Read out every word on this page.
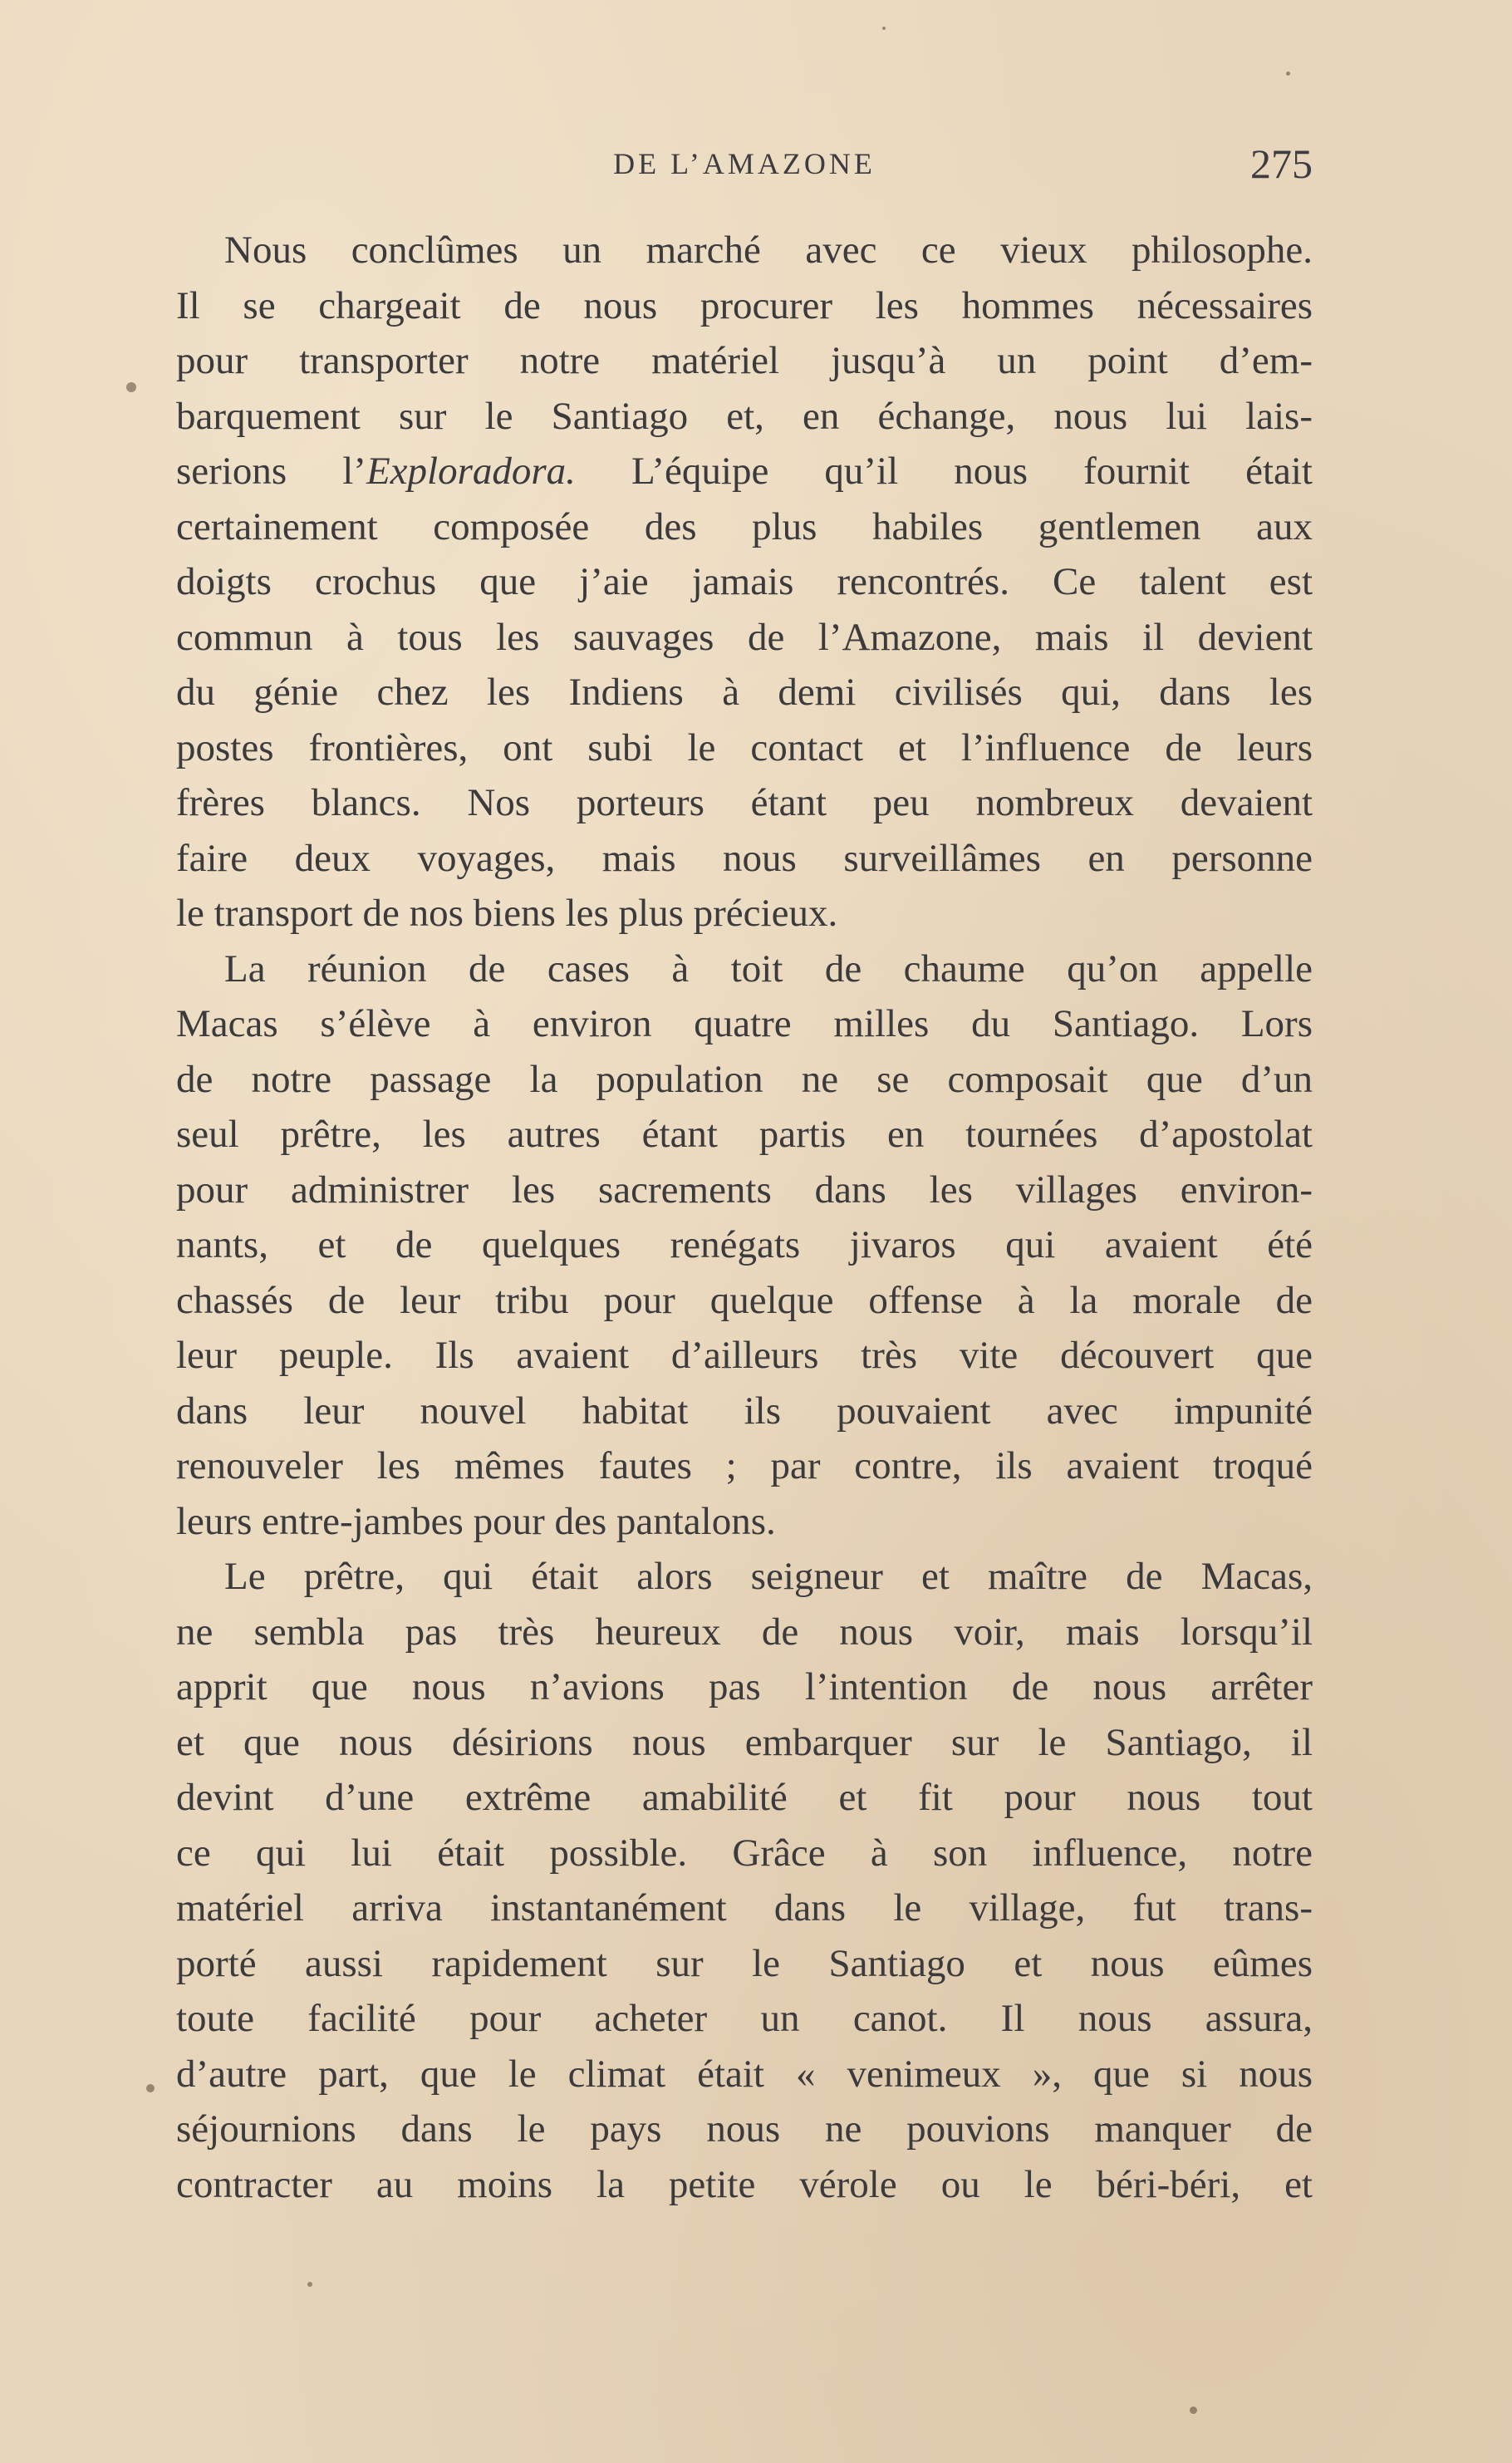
DE L’AMAZONE	275
Nous conclûmes un marché avec ce vieux philosophe.
Il se chargeait de nous procurer les hommes nécessaires
pour transporter notre matériel jusqu’à un point d’em-
barquement sur le Santiago et, en échange, nous lui lais-
serions l’Exploradora. L’équipe qu’il nous fournit était
certainement composée des plus habiles gentlemen aux
doigts crochus que j’aie jamais rencontrés. Ce talent est
commun à tous les sauvages de l’Amazone, mais il devient
du génie chez les Indiens à demi civilisés qui, dans les
postes frontières, ont subi le contact et l’influence de leurs
frères blancs. Nos porteurs étant peu nombreux devaient
faire deux voyages, mais nous surveillâmes en personne
le transport de nos biens les plus précieux.
La réunion de cases à toit de chaume qu’on appelle
Macas s’élève à environ quatre milles du Santiago. Lors
de notre passage la population ne se composait que d’un
seul prêtre, les autres étant partis en tournées d’apostolat
pour administrer les sacrements dans les villages environ-
nants, et de quelques renégats jivaros qui avaient été
chassés de leur tribu pour quelque offense à la morale de
leur peuple. Ils avaient d’ailleurs très vite découvert que
dans leur nouvel habitat ils pouvaient avec impunité
renouveler les mêmes fautes ; par contre, ils avaient troqué
leurs entre-jambes pour des pantalons.
Le prêtre, qui était alors seigneur et maître de Macas,
ne sembla pas très heureux de nous voir, mais lorsqu’il
apprit que nous n’avions pas l’intention de nous arrêter
et que nous désirions nous embarquer sur le Santiago, il
devint d’une extrême amabilité et fit pour nous tout
ce qui lui était possible. Grâce à son influence, notre
matériel arriva instantanément dans le village, fut trans-
porté aussi rapidement sur le Santiago et nous eûmes
toute facilité pour acheter un canot. Il nous assura,
d’autre part, que le climat était « venimeux », que si nous
séjournions dans le pays nous ne pouvions manquer de
contracter au moins la petite vérole ou le béri-béri, et
